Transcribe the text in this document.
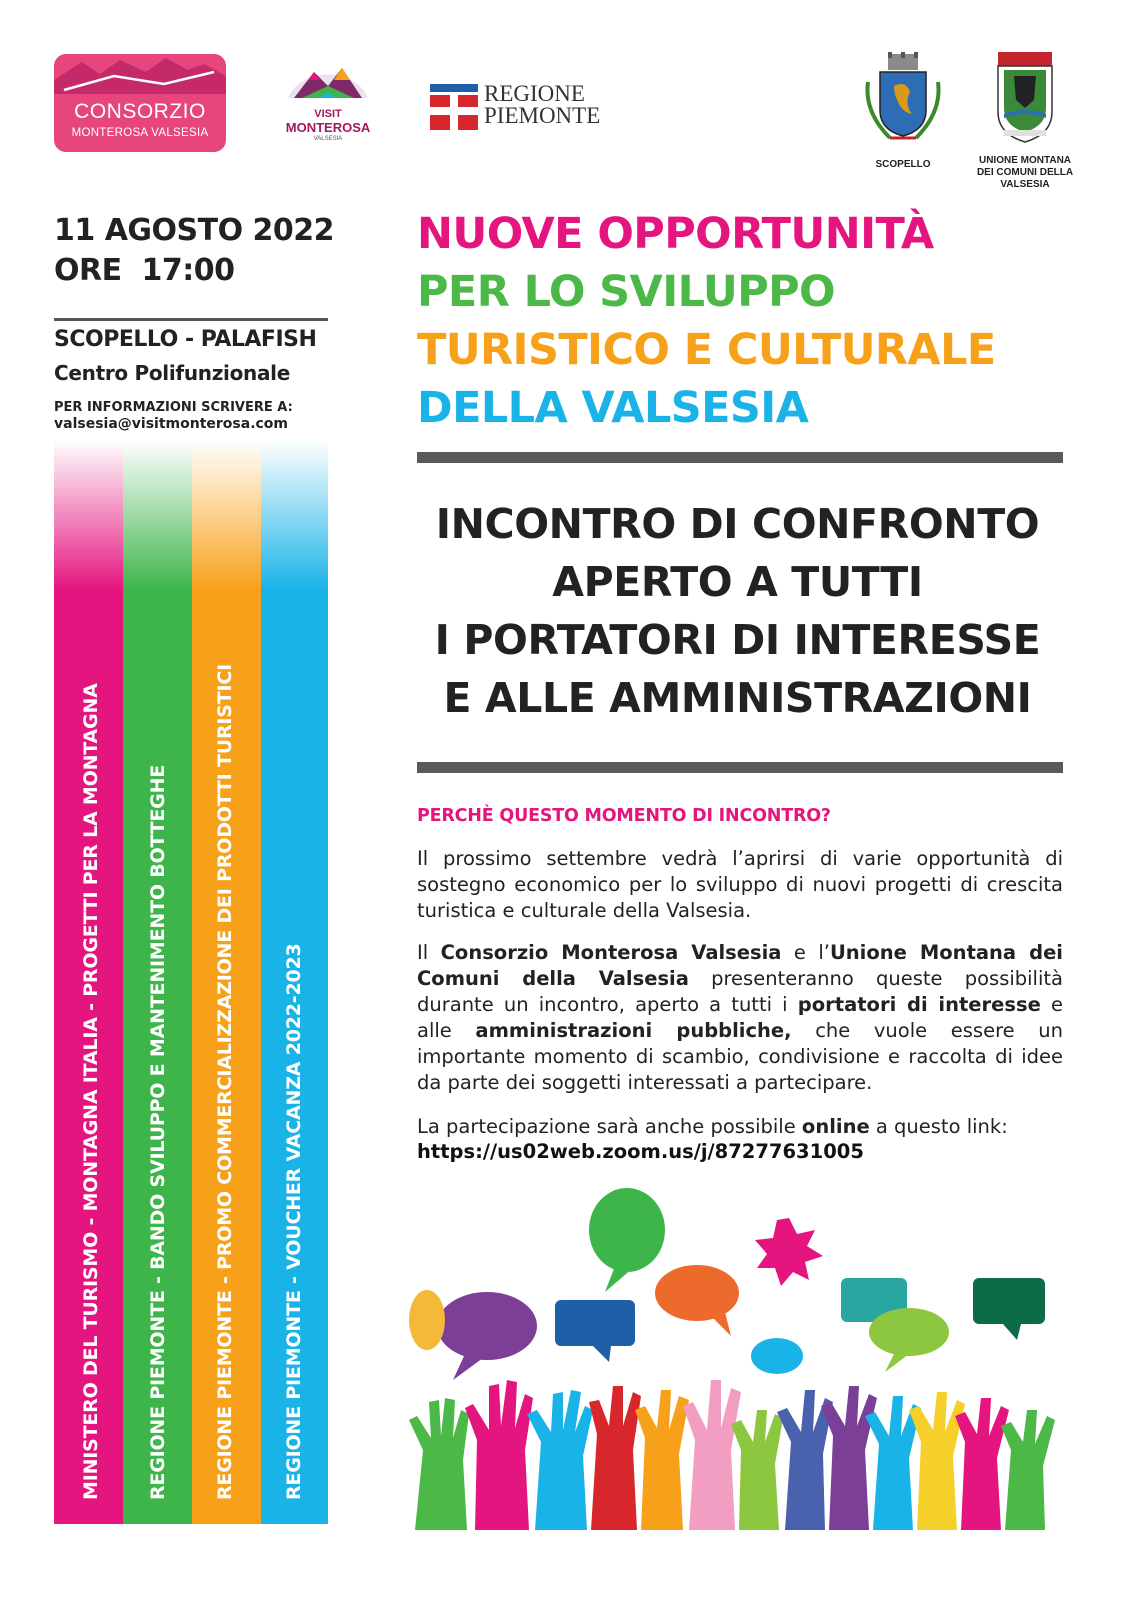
CONSORZIO
MONTEROSA VALSESIA
VISIT
MONTEROSA
VALSESIA
REGIONE
PIEMONTE
SCOPELLO	UNIONE MONTANA
DEI COMUNI DELLA
VALSESIA
11 AGOSTO 2022
ORE  17:00
SCOPELLO - PALAFISH
Centro Polifunzionale
PER INFORMAZIONI SCRIVERE A:
valsesia@visitmonterosa.com
MINISTERO DEL TURISMO - MONTAGNA ITALIA - PROGETTI PER LA MONTAGNA REGIONE PIEMONTE - BANDO SVILUPPO E MANTENIMENTO BOTTEGHE REGIONE PIEMONTE - PROMO COMMERCIALIZZAZIONE DEI PRODOTTI TURISTICI REGIONE PIEMONTE - VOUCHER VACANZA 2022-2023
NUOVE OPPORTUNITÀ
PER LO SVILUPPO
TURISTICO E CULTURALE
DELLA VALSESIA
INCONTRO DI CONFRONTO
APERTO A TUTTI
I PORTATORI DI INTERESSE
E ALLE AMMINISTRAZIONI
PERCHÈ QUESTO MOMENTO DI INCONTRO?
Il prossimo settembre vedrà l’aprirsi di varie opportunità di sostegno economico per lo sviluppo di nuovi progetti di crescita turistica e culturale della Valsesia.
Il Consorzio Monterosa Valsesia e l’Unione Montana dei Comuni della Valsesia presenteranno queste possibilità durante un incontro, aperto a tutti i portatori di interesse e alle amministrazioni pubbliche, che vuole essere un importante momento di scambio, condivisione e raccolta di idee da parte dei soggetti interessati a partecipare.
La partecipazione sarà anche possibile online a questo link:
https://us02web.zoom.us/j/87277631005
